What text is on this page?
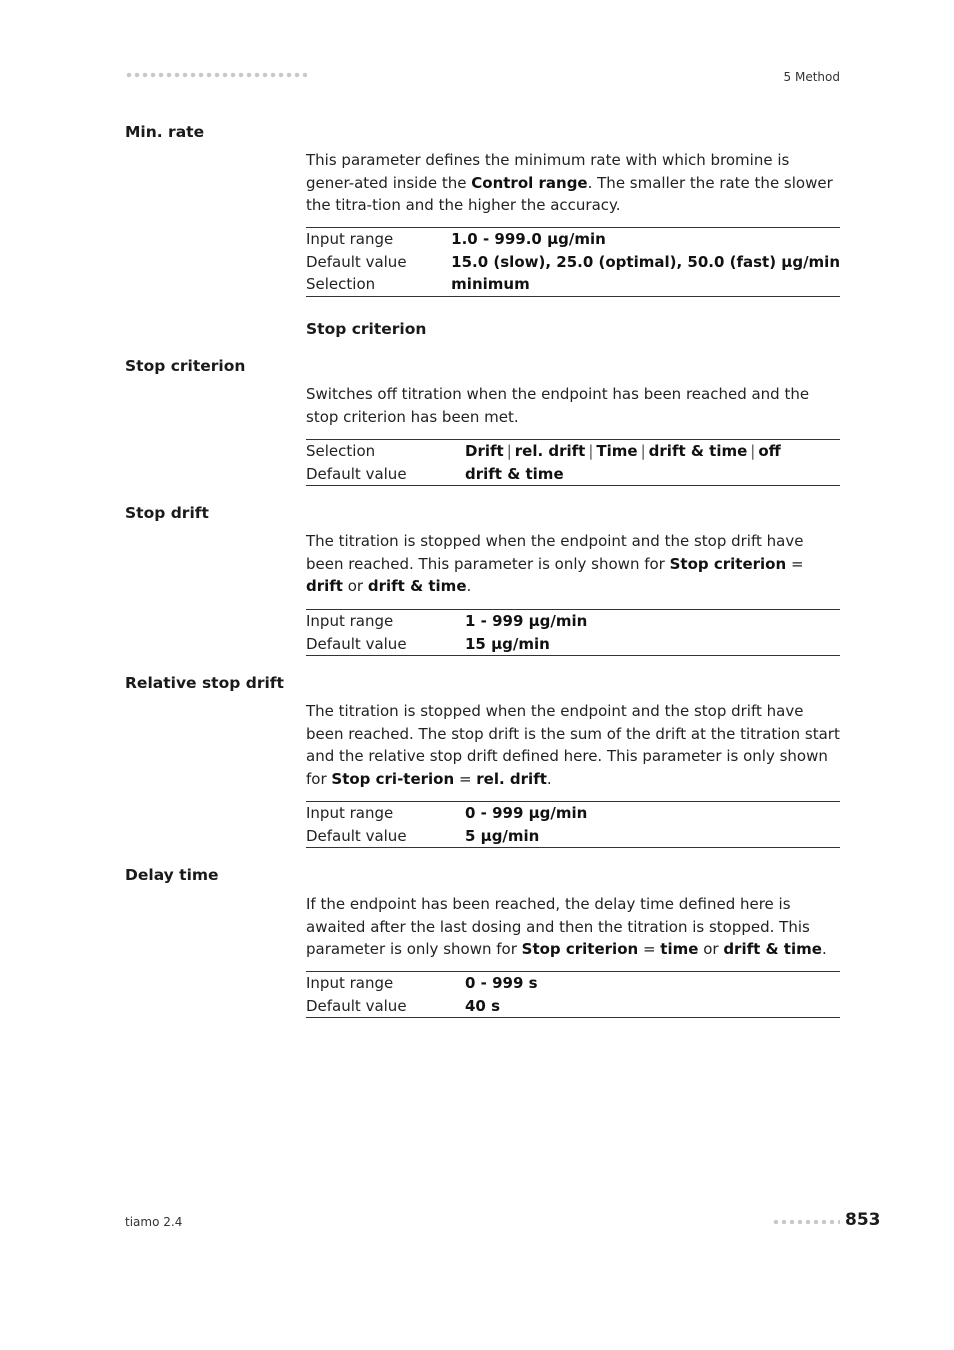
5 Method
Min. rate
This parameter defines the minimum rate with which bromine is gener-ated inside the Control range. The smaller the rate the slower the titra-tion and the higher the accuracy.
Input range	1.0 - 999.0 µg/min
Default value	15.0 (slow), 25.0 (optimal), 50.0 (fast) µg/min
Selection	minimum
Stop criterion
Stop criterion
Switches off titration when the endpoint has been reached and the stop criterion has been met.
Selection	Drift | rel. drift | Time | drift & time | off
Default value	drift & time
Stop drift
The titration is stopped when the endpoint and the stop drift have been reached. This parameter is only shown for Stop criterion = drift or drift & time.
Input range	1 - 999 µg/min
Default value	15 µg/min
Relative stop drift
The titration is stopped when the endpoint and the stop drift have been reached. The stop drift is the sum of the drift at the titration start and the relative stop drift defined here. This parameter is only shown for Stop cri-terion = rel. drift.
Input range	0 - 999 µg/min
Default value	5 µg/min
Delay time
If the endpoint has been reached, the delay time defined here is awaited after the last dosing and then the titration is stopped. This parameter is only shown for Stop criterion = time or drift & time.
Input range	0 - 999 s
Default value	40 s
tiamo 2.4	853
